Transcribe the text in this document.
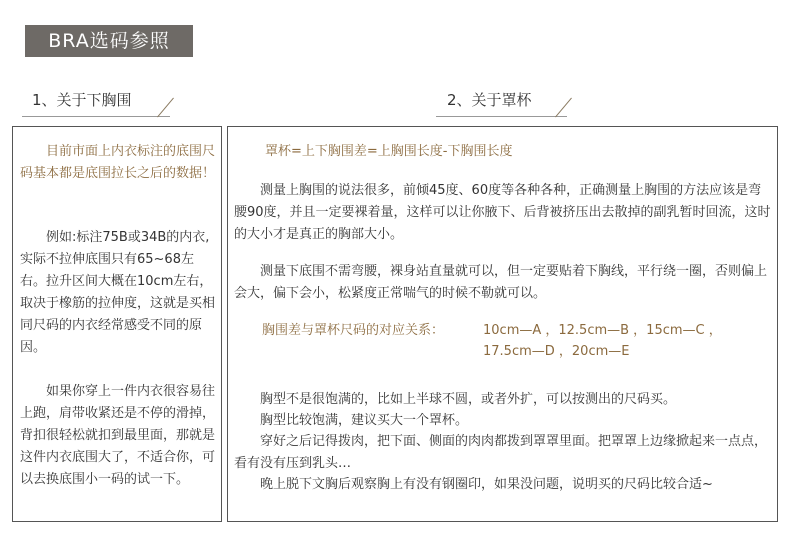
BRA选码参照
1、关于下胸围	2、关于罩杯

目前市面上内衣标注的底围尺码基本都是底围拉长之后的数据！

例如:标注75B或34B的内衣,实际不拉伸底围只有65~68左右。拉升区间大概在10cm左右，取决于橡筋的拉伸度，这就是买相同尺码的内衣经常感受不同的原因。

如果你穿上一件内衣很容易往上跑，肩带收紧还是不停的滑掉，背扣很轻松就扣到最里面，那就是这件内衣底围大了，不适合你，可以去换底围小一码的试一下。

罩杯=上下胸围差=上胸围长度-下胸围长度

测量上胸围的说法很多，前倾45度、60度等各种各种，正确测量上胸围的方法应该是弯腰90度，并且一定要裸着量，这样可以让你腋下、后背被挤压出去散掉的副乳暂时回流，这时的大小才是真正的胸部大小。

测量下底围不需弯腰，裸身站直量就可以，但一定要贴着下胸线，平行绕一圈，否则偏上会大，偏下会小，松紧度正常喘气的时候不勒就可以。

胸围差与罩杯尺码的对应关系：	10cm—A ，12.5cm—B ，15cm—C ，

17.5cm—D ，20cm—E

胸型不是很饱满的，比如上半球不圆，或者外扩，可以按测出的尺码买。

胸型比较饱满，建议买大一个罩杯。

穿好之后记得拨肉，把下面、侧面的肉肉都拨到罩罩里面。把罩罩上边缘掀起来一点点，看有没有压到乳头…

晚上脱下文胸后观察胸上有没有钢圈印，如果没问题，说明买的尺码比较合适~
